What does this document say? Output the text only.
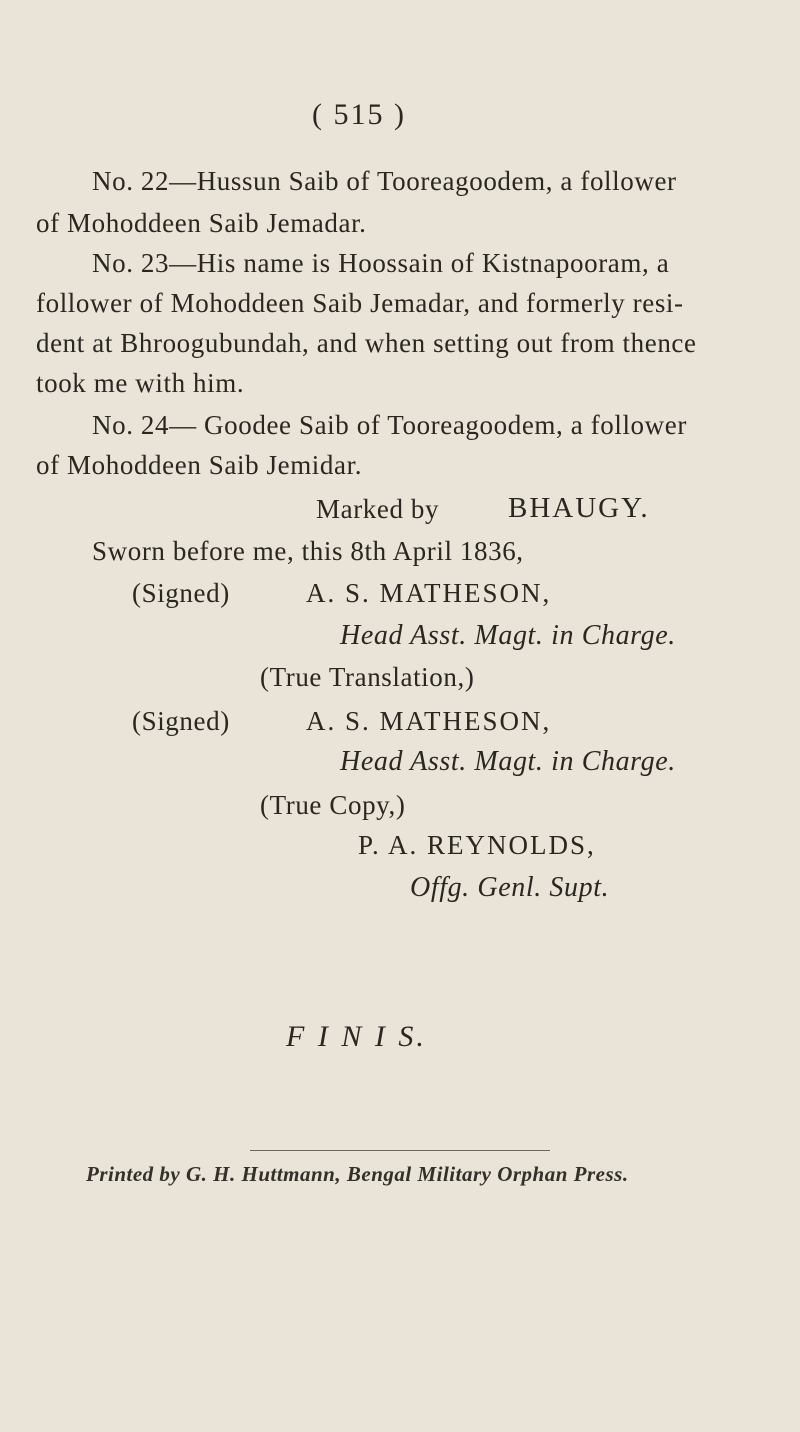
( 515 )
No. 22—Hussun Saib of Tooreagoodem, a follower
of Mohoddeen Saib Jemadar.
No. 23—His name is Hoossain of Kistnapooram, a
follower of Mohoddeen Saib Jemadar, and formerly resi-
dent at Bhroogubundah, and when setting out from thence
took me with him.
No. 24— Goodee Saib of Tooreagoodem, a follower
of Mohoddeen Saib Jemidar.
Marked by BHAUGY.
Sworn before me, this 8th April 1836,
(Signed)	A. S. MATHESON,
Head Asst. Magt. in Charge.
(True Translation,)
(Signed)	A. S. MATHESON,
Head Asst. Magt. in Charge.
(True Copy,)
P. A. REYNOLDS,
Offg. Genl. Supt.
F I N I S.
Printed by G. H. Huttmann, Bengal Military Orphan Press.
